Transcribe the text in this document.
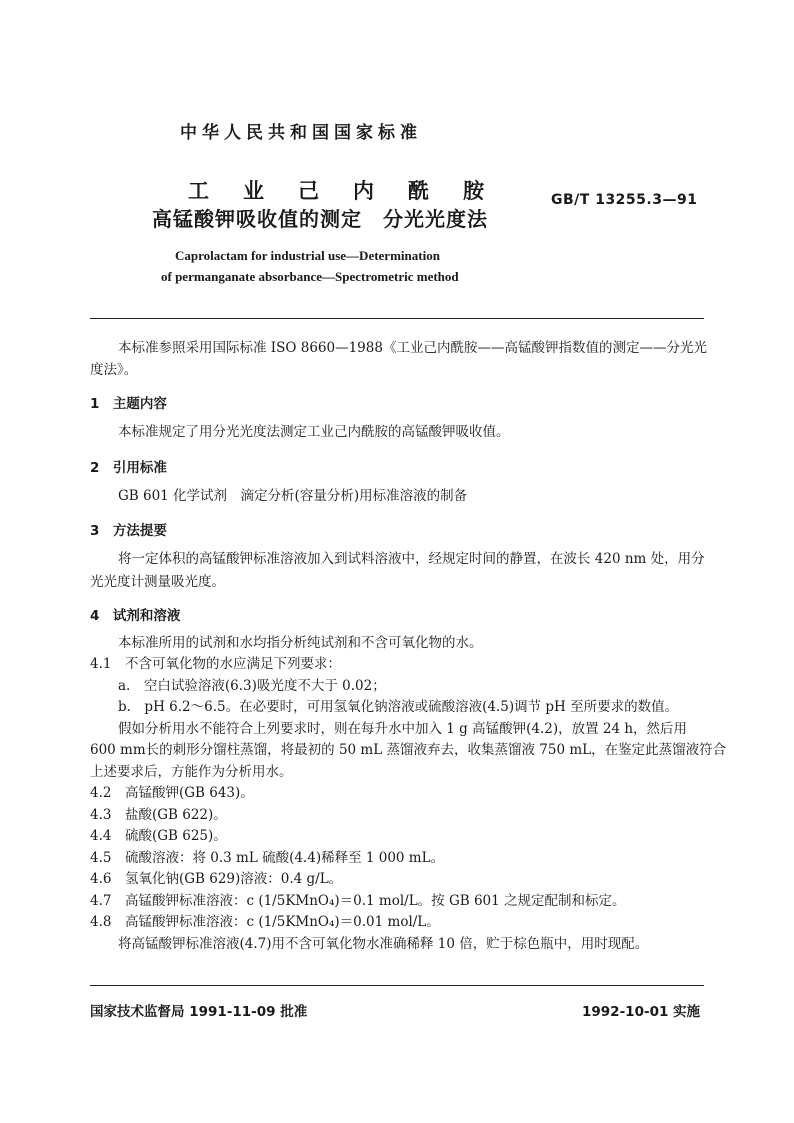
中华人民共和国国家标准
工业己内酰胺
高锰酸钾吸收值的测定　分光光度法
GB/T 13255.3—91
Caprolactam for industrial use—Determination
of permanganate absorbance—Spectrometric method
本标准参照采用国际标准 ISO 8660—1988《工业己内酰胺——高锰酸钾指数值的测定——分光光
度法》。
1　主题内容
本标准规定了用分光光度法测定工业己内酰胺的高锰酸钾吸收值。
2　引用标准
GB 601 化学试剂　滴定分析(容量分析)用标准溶液的制备
3　方法提要
将一定体积的高锰酸钾标准溶液加入到试料溶液中，经规定时间的静置，在波长 420 nm 处，用分
光光度计测量吸光度。
4　试剂和溶液
本标准所用的试剂和水均指分析纯试剂和不含可氧化物的水。
4.1　不含可氧化物的水应满足下列要求：
a.　空白试验溶液(6.3)吸光度不大于 0.02；
b.　pH 6.2～6.5。在必要时，可用氢氧化钠溶液或硫酸溶液(4.5)调节 pH 至所要求的数值。
假如分析用水不能符合上列要求时，则在每升水中加入 1 g 高锰酸钾(4.2)，放置 24 h，然后用
600 mm长的刺形分馏柱蒸馏，将最初的 50 mL 蒸馏液弃去，收集蒸馏液 750 mL，在鉴定此蒸馏液符合
上述要求后，方能作为分析用水。
4.2　高锰酸钾(GB 643)。
4.3　盐酸(GB 622)。
4.4　硫酸(GB 625)。
4.5　硫酸溶液：将 0.3 mL 硫酸(4.4)稀释至 1 000 mL。
4.6　氢氧化钠(GB 629)溶液：0.4 g/L。
4.7　高锰酸钾标准溶液：c (1/5KMnO₄)＝0.1 mol/L。按 GB 601 之规定配制和标定。
4.8　高锰酸钾标准溶液：c (1/5KMnO₄)＝0.01 mol/L。
将高锰酸钾标准溶液(4.7)用不含可氧化物水准确稀释 10 倍，贮于棕色瓶中，用时现配。
国家技术监督局 1991-11-09 批准	1992-10-01 实施
